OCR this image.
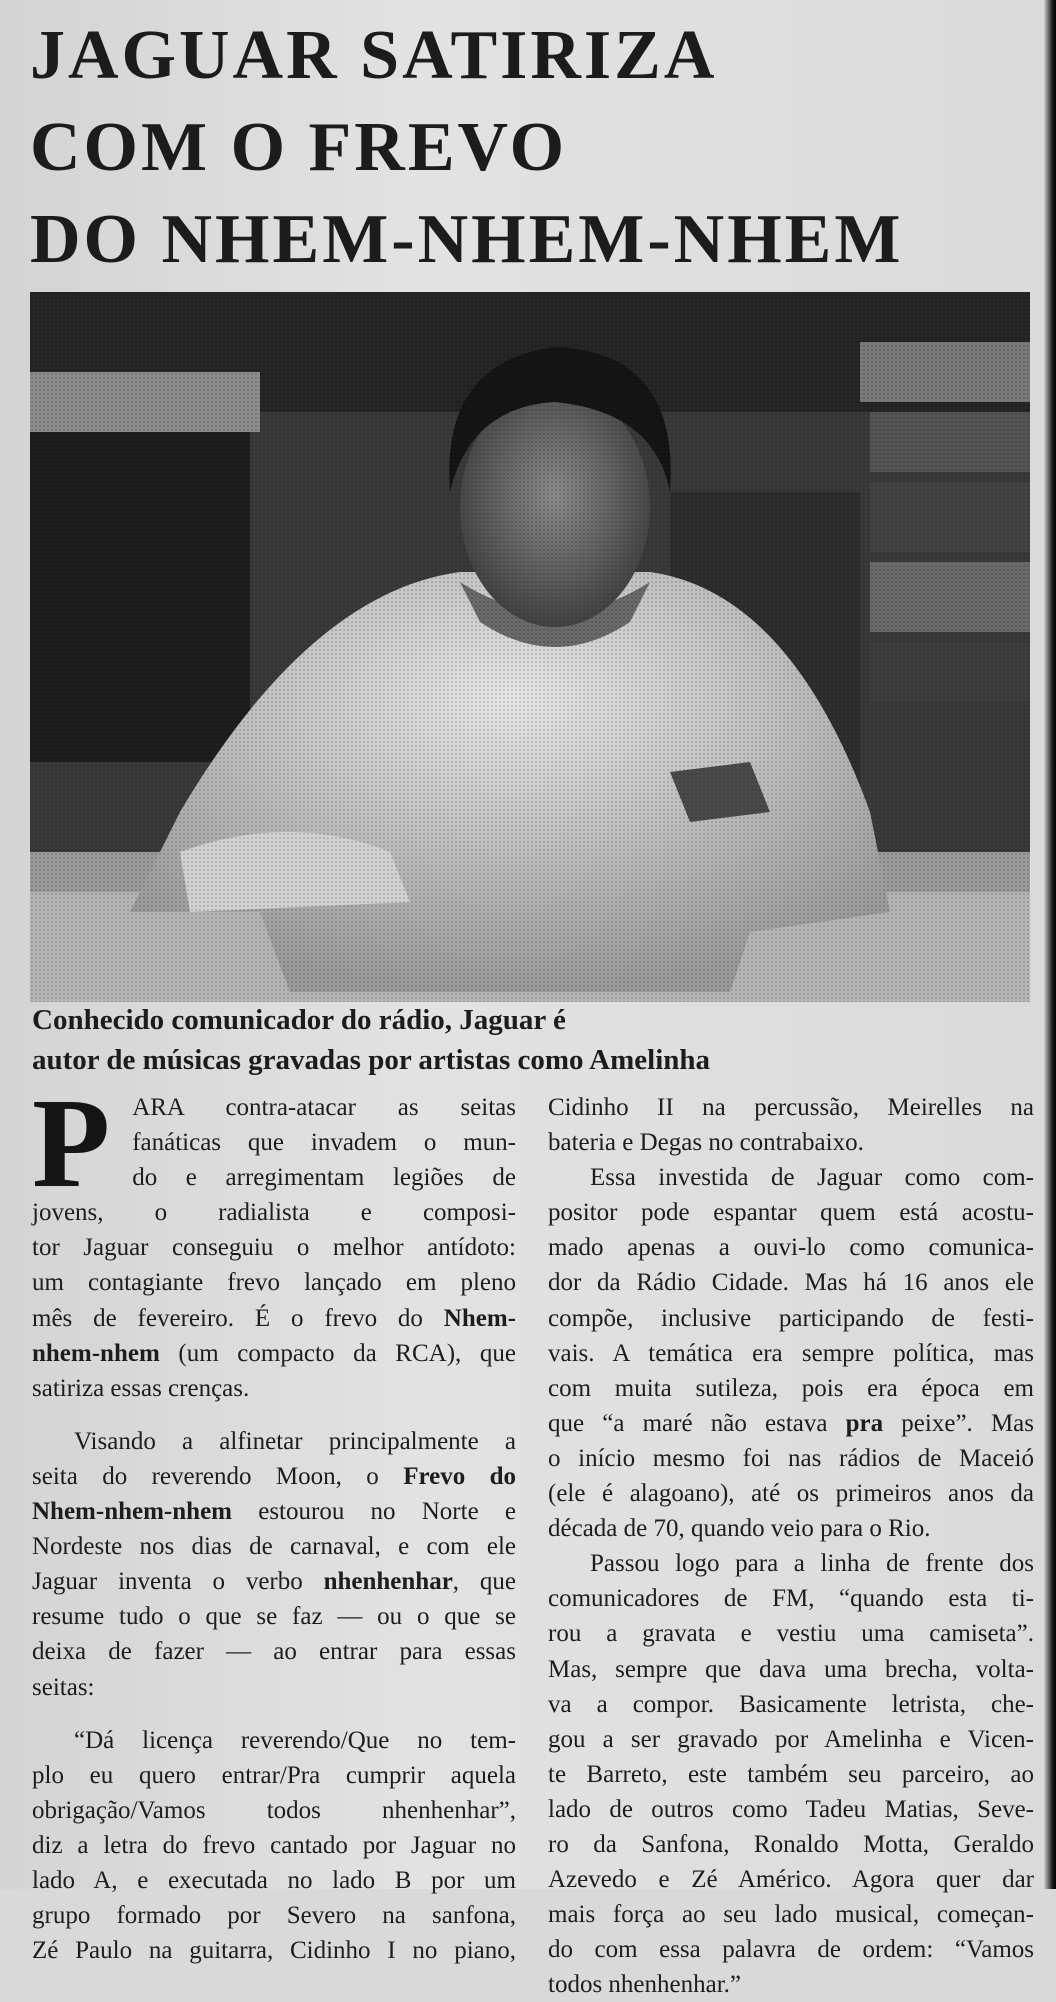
JAGUAR SATIRIZA
COM O FREVO
DO NHEM-NHEM-NHEM
Conhecido comunicador do rádio, Jaguar é
autor de músicas gravadas por artistas como Amelinha

P ARA contra-atacar as seitas
fanáticas que invadem o mun-
do e arregimentam legiões de
jovens, o radialista e composi-
tor Jaguar conseguiu o melhor antídoto:
um contagiante frevo lançado em pleno
mês de fevereiro. É o frevo do Nhem-
nhem-nhem (um compacto da RCA), que
satiriza essas crenças.

Visando a alfinetar principalmente a
seita do reverendo Moon, o Frevo do
Nhem-nhem-nhem estourou no Norte e
Nordeste nos dias de carnaval, e com ele
Jaguar inventa o verbo nhenhenhar, que
resume tudo o que se faz — ou o que se
deixa de fazer — ao entrar para essas
seitas:

“Dá licença reverendo/Que no tem-
plo eu quero entrar/Pra cumprir aquela
obrigação/Vamos todos nhenhenhar”,
diz a letra do frevo cantado por Jaguar no
lado A, e executada no lado B por um
grupo formado por Severo na sanfona,
Zé Paulo na guitarra, Cidinho I no piano,

Cidinho II na percussão, Meirelles na
bateria e Degas no contrabaixo.

Essa investida de Jaguar como com-
positor pode espantar quem está acostu-
mado apenas a ouvi-lo como comunica-
dor da Rádio Cidade. Mas há 16 anos ele
compõe, inclusive participando de festi-
vais. A temática era sempre política, mas
com muita sutileza, pois era época em
que “a maré não estava pra peixe”. Mas
o início mesmo foi nas rádios de Maceió
(ele é alagoano), até os primeiros anos da
década de 70, quando veio para o Rio.

Passou logo para a linha de frente dos
comunicadores de FM, “quando esta ti-
rou a gravata e vestiu uma camiseta”.
Mas, sempre que dava uma brecha, volta-
va a compor. Basicamente letrista, che-
gou a ser gravado por Amelinha e Vicen-
te Barreto, este também seu parceiro, ao
lado de outros como Tadeu Matias, Seve-
ro da Sanfona, Ronaldo Motta, Geraldo
Azevedo e Zé Américo. Agora quer dar
mais força ao seu lado musical, começan-
do com essa palavra de ordem: “Vamos
todos nhenhenhar.”
